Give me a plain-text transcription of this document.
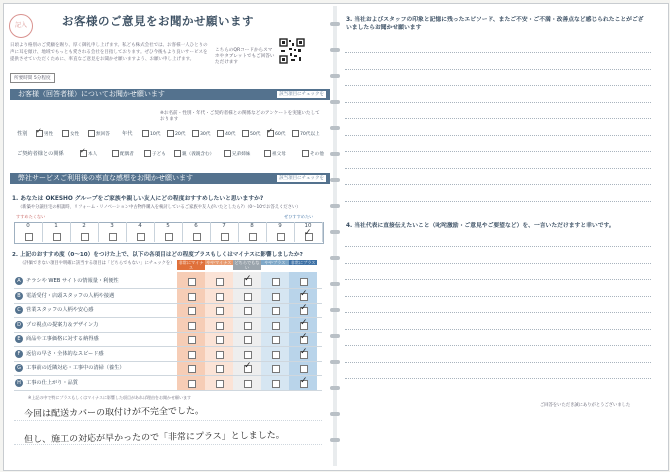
記入	お客様のご意見をお聞かせ願います
日頃より格別のご愛顧を賜り、厚く御礼申し上げます。私ども株式会社では、お客様一人ひとりの声に耳を傾け、地域でもっとも愛される会社を目指しております。ぜひ今後もより良いサービスを提供させていただくために、率直なご意見をお聞かせ願いますよう、お願い申し上げます。
所要時間 5分程度
こちらのQRコードからスマホやタブレットでもご回答いただけます
お客様（回答者様）についてお聞かせ願います	該当項目にチェックを
※お名前・性別・年代・ご契約者様との関係などのアンケートを実施いたしております
性別	年代
ご契約者様との関係
弊社サービスご利用後の率直な感想をお聞かせ願います	該当項目にチェックを
1. あなたは OKESHO グループをご家族や親しい友人にどの程度おすすめしたいと思いますか?
（新築や分譲住宅の相談時、リフォーム・リノベーション中古物件購入を検討しているご家族や友人がいたとしたら?）（0〜10でお答えください）
すすめたくない	ぜひすすめたい
2. 上記のおすすめ度（0〜10）をつけた上で、以下の各項目はどの程度プラスもしくはマイナスに影響しましたか?
（評価できない項目や明確に該当する項目は「どちらでもない」にチェックを）
※上記の中で特にプラスもしくはマイナスに影響した項目があれば理由をお聞かせ願います
今回は配送カバーの取付けが不完全でした。
但し、施工の対応が早かったので「非常にプラス」としました。
3. 当社およびスタッフの印象と記憶に残ったエピソード、またご不安・ご不満・改善点など感じられたことがございましたらお聞かせ願います
4. 当社代表に直接伝えたいこと（叱咤激励・ご意見やご要望など）を、一言いただけますと幸いです。
ご回答をいただき誠にありがとうございました
✓男性	女性	無回答	10代	20代	30代	40代	50代
✓	60代	70代以上
✓本人	配偶者	子ども	親（義親含む）	兄弟姉妹	祖父母	その他
0	1	2	3	4	5	6	7	8	9	10
✓
非常にマイナス
ややマイナス どちらでもない
ややプラス	非常にプラス
A チラシや WEB サイトの情報量・利便性	✓
B 電話受付・店頭スタッフの人柄や接遇	✓
C 営業スタッフの人柄や安心感	✓
D プロ視点の提案力＆デザイン力	✓
E 商品や工事価格に対する納得感	✓
F 返信の早さ・全体的なスピード感	✓
G 工事前の近隣対応・工事中の清掃（養生）	✓
H 工事の仕上がり・品質	✓
